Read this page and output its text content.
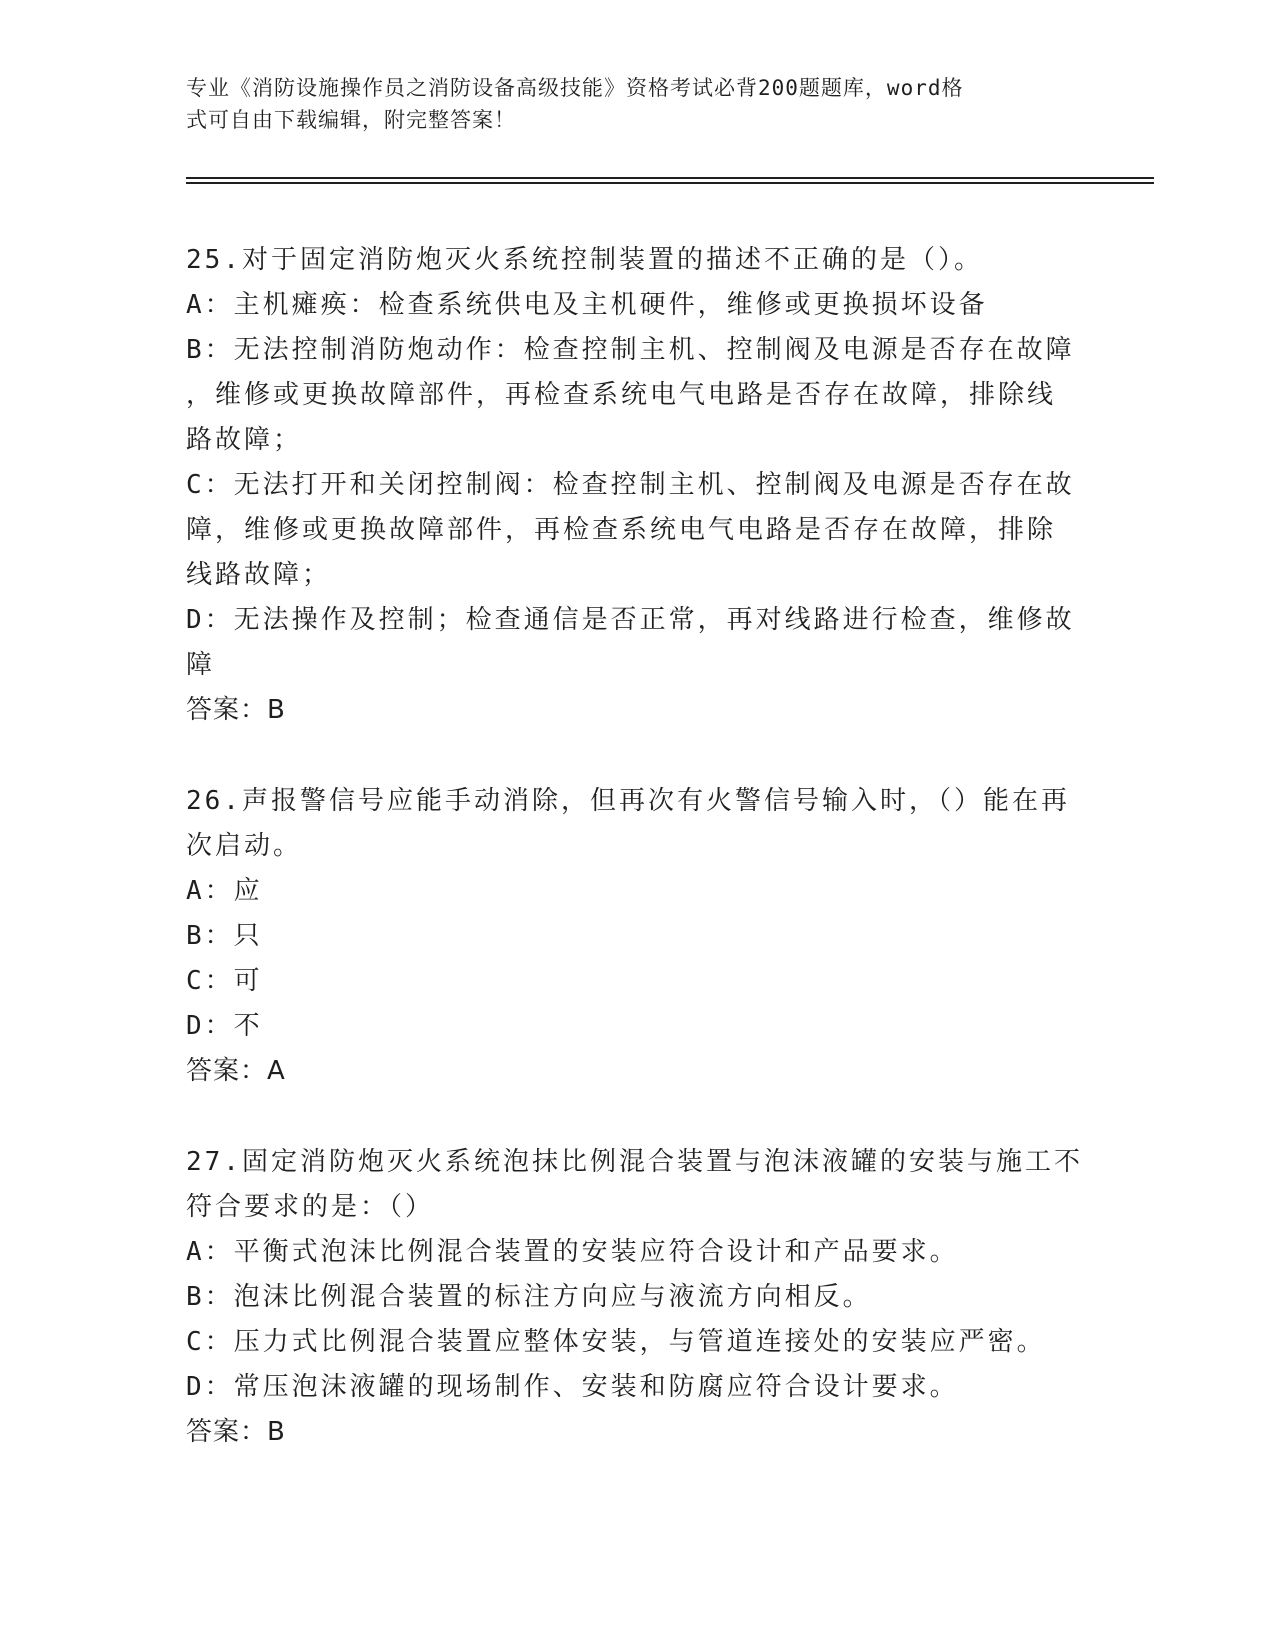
专业《消防设施操作员之消防设备高级技能》资格考试必背200题题库，word格
式可自由下载编辑，附完整答案！
25.对于固定消防炮灭火系统控制装置的描述不正确的是（）。
A：主机瘫痪：检查系统供电及主机硬件，维修或更换损坏设备
B：无法控制消防炮动作：检查控制主机、控制阀及电源是否存在故障
，维修或更换故障部件，再检查系统电气电路是否存在故障，排除线
路故障；
C：无法打开和关闭控制阀：检查控制主机、控制阀及电源是否存在故
障，维修或更换故障部件，再检查系统电气电路是否存在故障，排除
线路故障；
D：无法操作及控制；检查通信是否正常，再对线路进行检查，维修故
障
答案：B
26.声报警信号应能手动消除，但再次有火警信号输入时，（）能在再
次启动。
A：应
B：只
C：可
D：不
答案：A
27.固定消防炮灭火系统泡抹比例混合装置与泡沫液罐的安装与施工不
符合要求的是：（）
A：平衡式泡沫比例混合装置的安装应符合设计和产品要求。
B：泡沫比例混合装置的标注方向应与液流方向相反。
C：压力式比例混合装置应整体安装，与管道连接处的安装应严密。
D：常压泡沫液罐的现场制作、安装和防腐应符合设计要求。
答案：B
